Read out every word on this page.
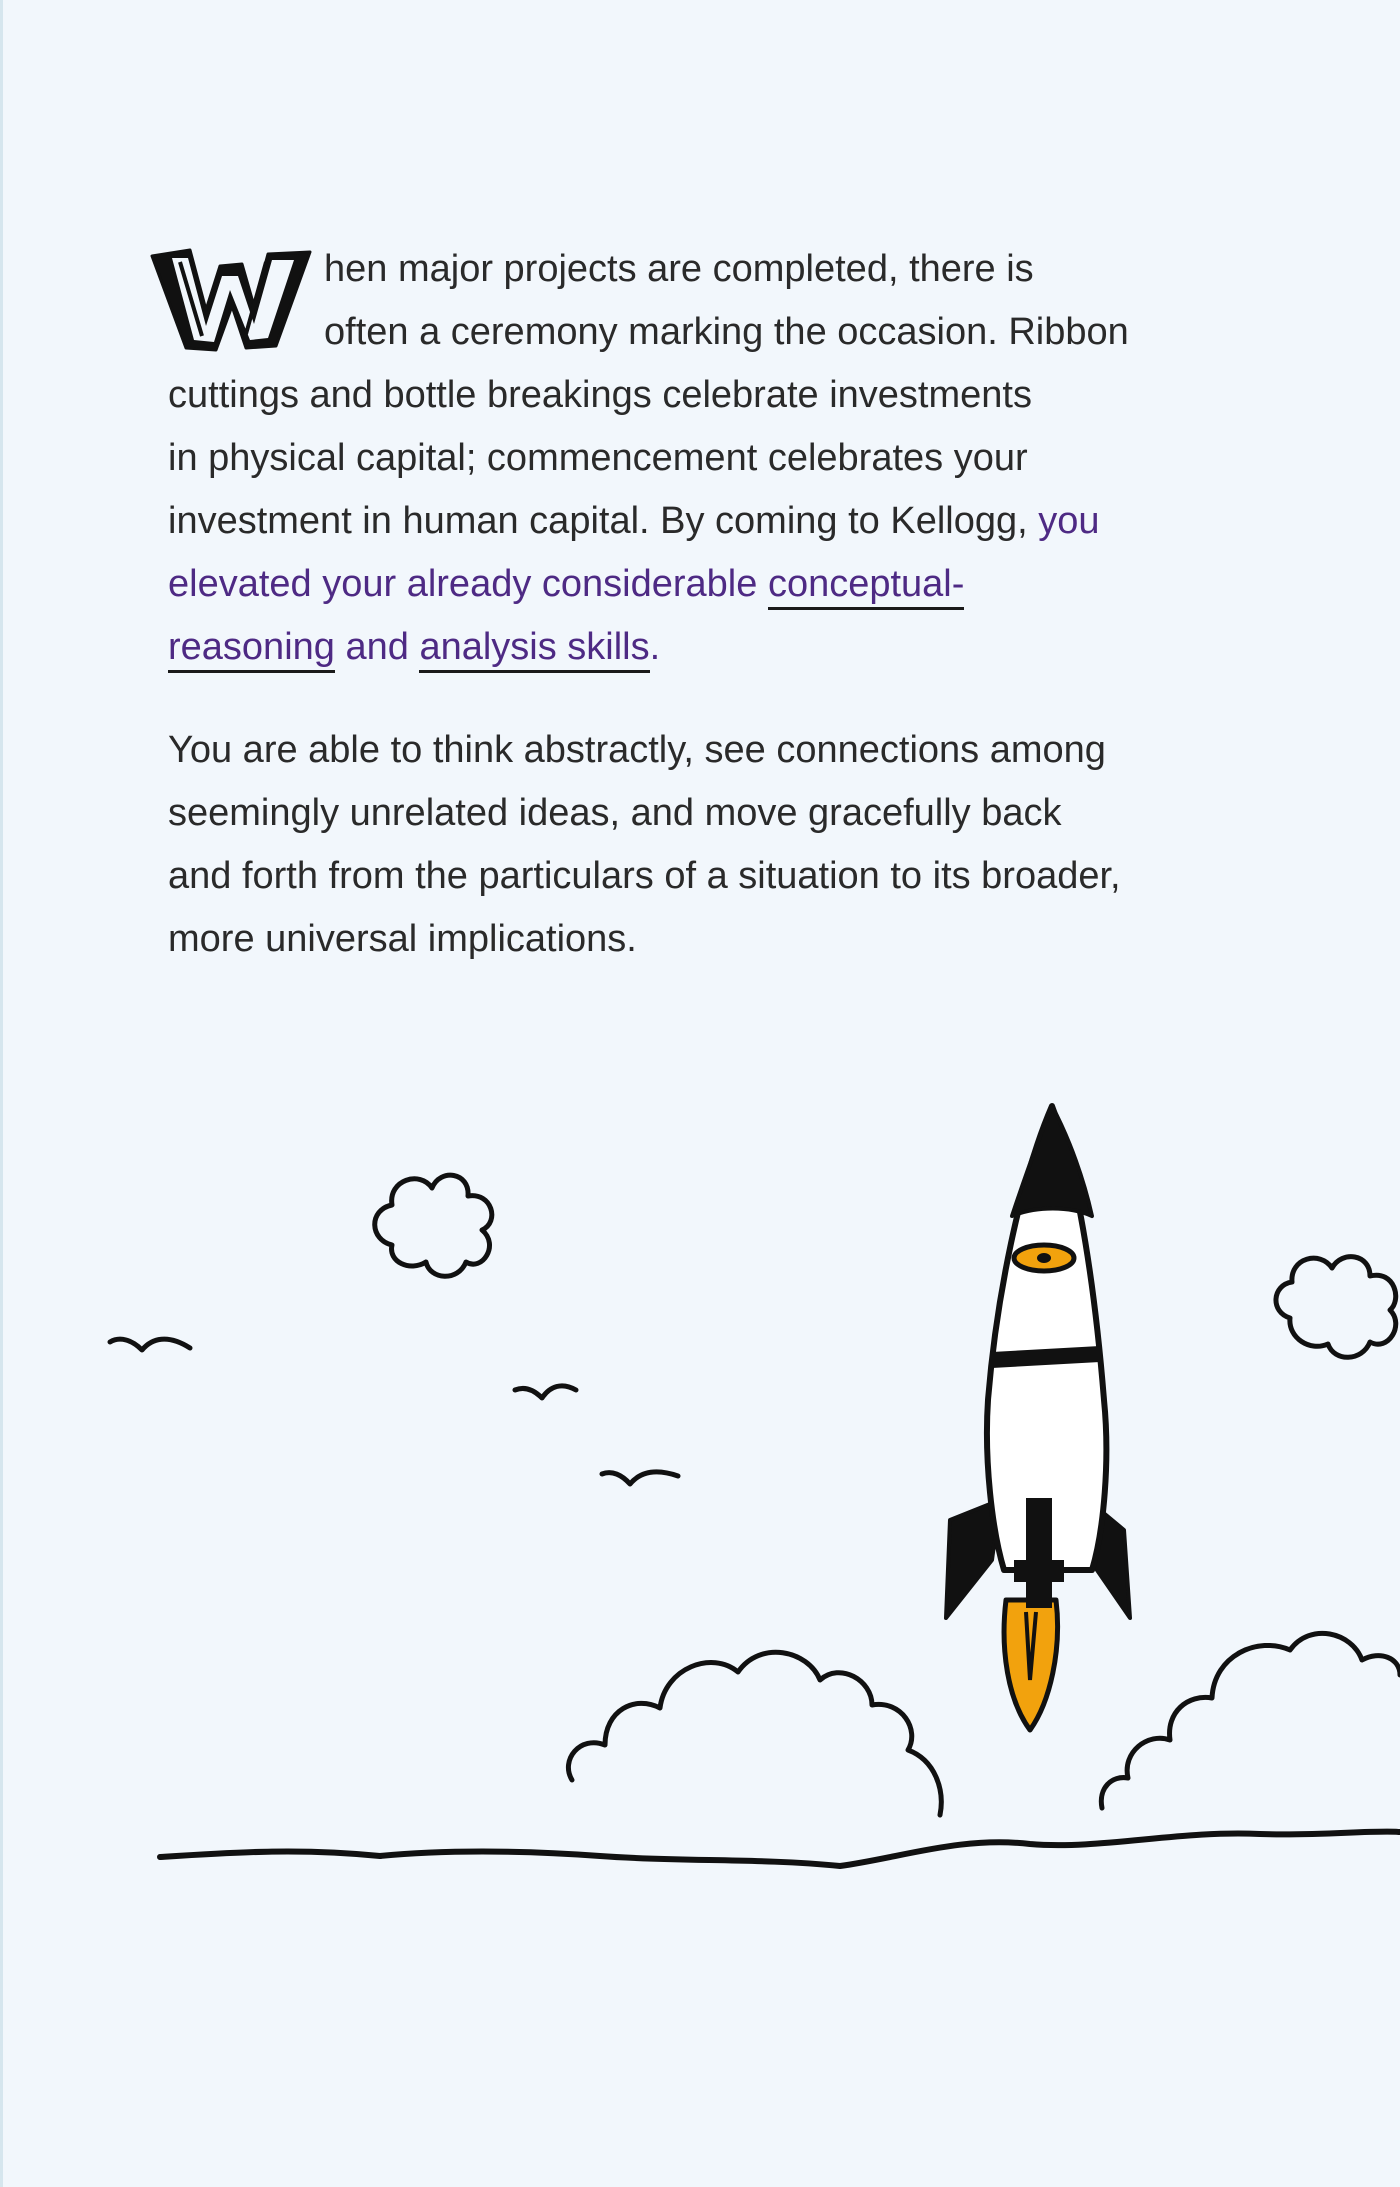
hen major projects are completed, there is
often a ceremony marking the occasion. Ribbon
cuttings and bottle breakings celebrate investments
in physical capital; commencement celebrates your
investment in human capital. By coming to Kellogg, you
elevated your already considerable conceptual-
reasoning and analysis skills.

You are able to think abstractly, see connections among
seemingly unrelated ideas, and move gracefully back
and forth from the particulars of a situation to its broader,
more universal implications.
